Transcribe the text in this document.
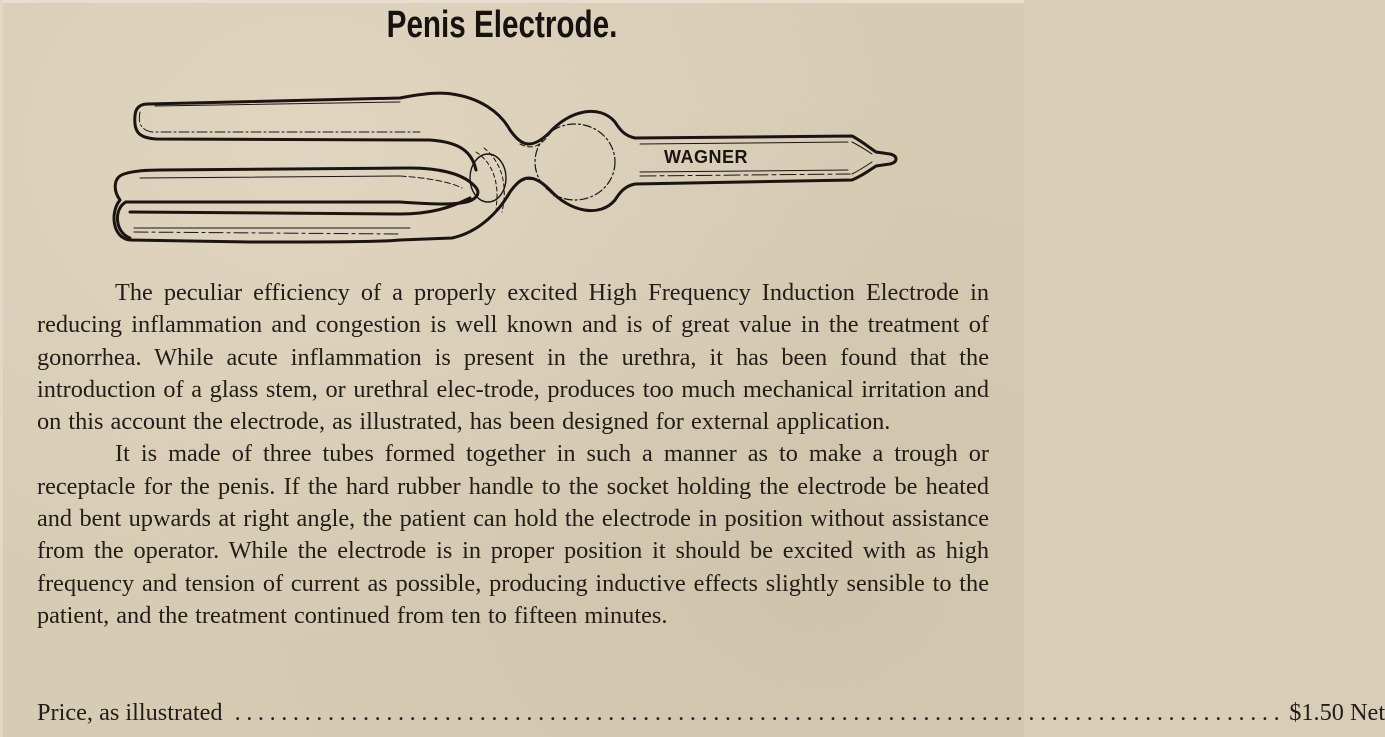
Penis Electrode.
WAGNER

The peculiar efficiency of a properly excited High Frequency Induction Electrode in reducing inflammation and congestion is well known and is of great value in the treatment of gonorrhea. While acute inflammation is present in the urethra, it has been found that the introduction of a glass stem, or urethral elec-trode, produces too much mechanical irritation and on this account the electrode, as illustrated, has been designed for external application.

It is made of three tubes formed together in such a manner as to make a trough or receptacle for the penis. If the hard rubber handle to the socket holding the electrode be heated and bent upwards at right angle, the patient can hold the electrode in position without assistance from the operator. While the electrode is in proper position it should be excited with as high frequency and tension of current as possible, producing inductive effects slightly sensible to the patient, and the treatment continued from ten to fifteen minutes.

Price, as illustrated .......................................................................................... $1.50 Net
